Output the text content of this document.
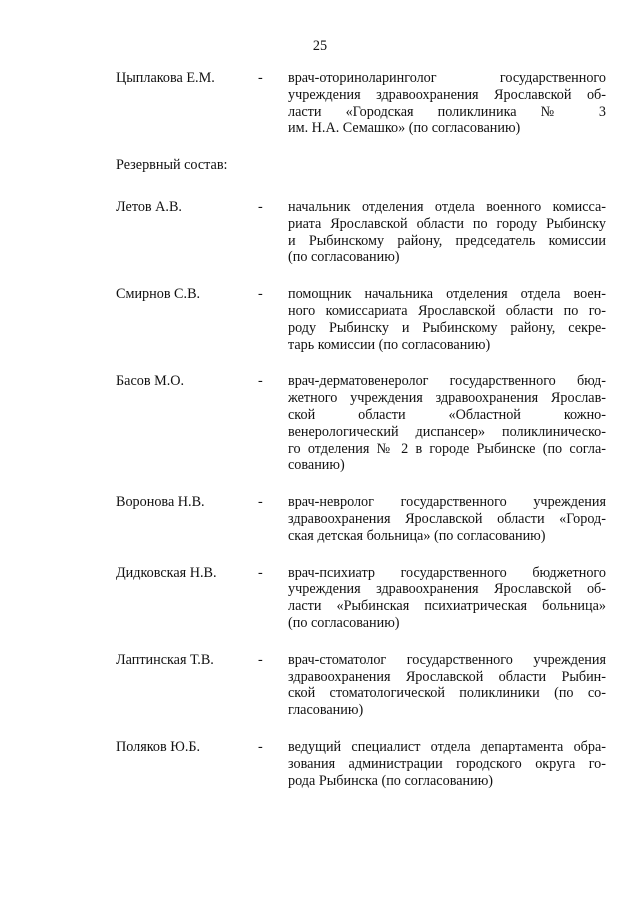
25
Цыплакова Е.М.	-	врач-оториноларинголог государственного
учреждения здравоохранения Ярославской об-
ласти «Городская поликлиника № 3
им. Н.А. Семашко» (по согласованию)
Резервный состав:
Летов А.В.	-	начальник отделения отдела военного комисса-
риата Ярославской области по городу Рыбинску
и Рыбинскому району, председатель комиссии
(по согласованию)
Смирнов С.В.	-	помощник начальника отделения отдела воен-
ного комиссариата Ярославской области по го-
роду Рыбинску и Рыбинскому району, секре-
тарь комиссии (по согласованию)
Басов М.О.	-	врач-дерматовенеролог государственного бюд-
жетного учреждения здравоохранения Ярослав-
ской области «Областной кожно-
венерологический диспансер» поликлиническо-
го отделения № 2 в городе Рыбинске (по согла-
сованию)
Воронова Н.В.	-	врач-невролог государственного учреждения
здравоохранения Ярославской области «Город-
ская детская больница» (по согласованию)
Дидковская Н.В.	-	врач-психиатр государственного бюджетного
учреждения здравоохранения Ярославской об-
ласти «Рыбинская психиатрическая больница»
(по согласованию)
Лаптинская Т.В.	-	врач-стоматолог государственного учреждения
здравоохранения Ярославской области Рыбин-
ской стоматологической поликлиники (по со-
гласованию)
Поляков Ю.Б.	-	ведущий специалист отдела департамента обра-
зования администрации городского округа го-
рода Рыбинска (по согласованию)
